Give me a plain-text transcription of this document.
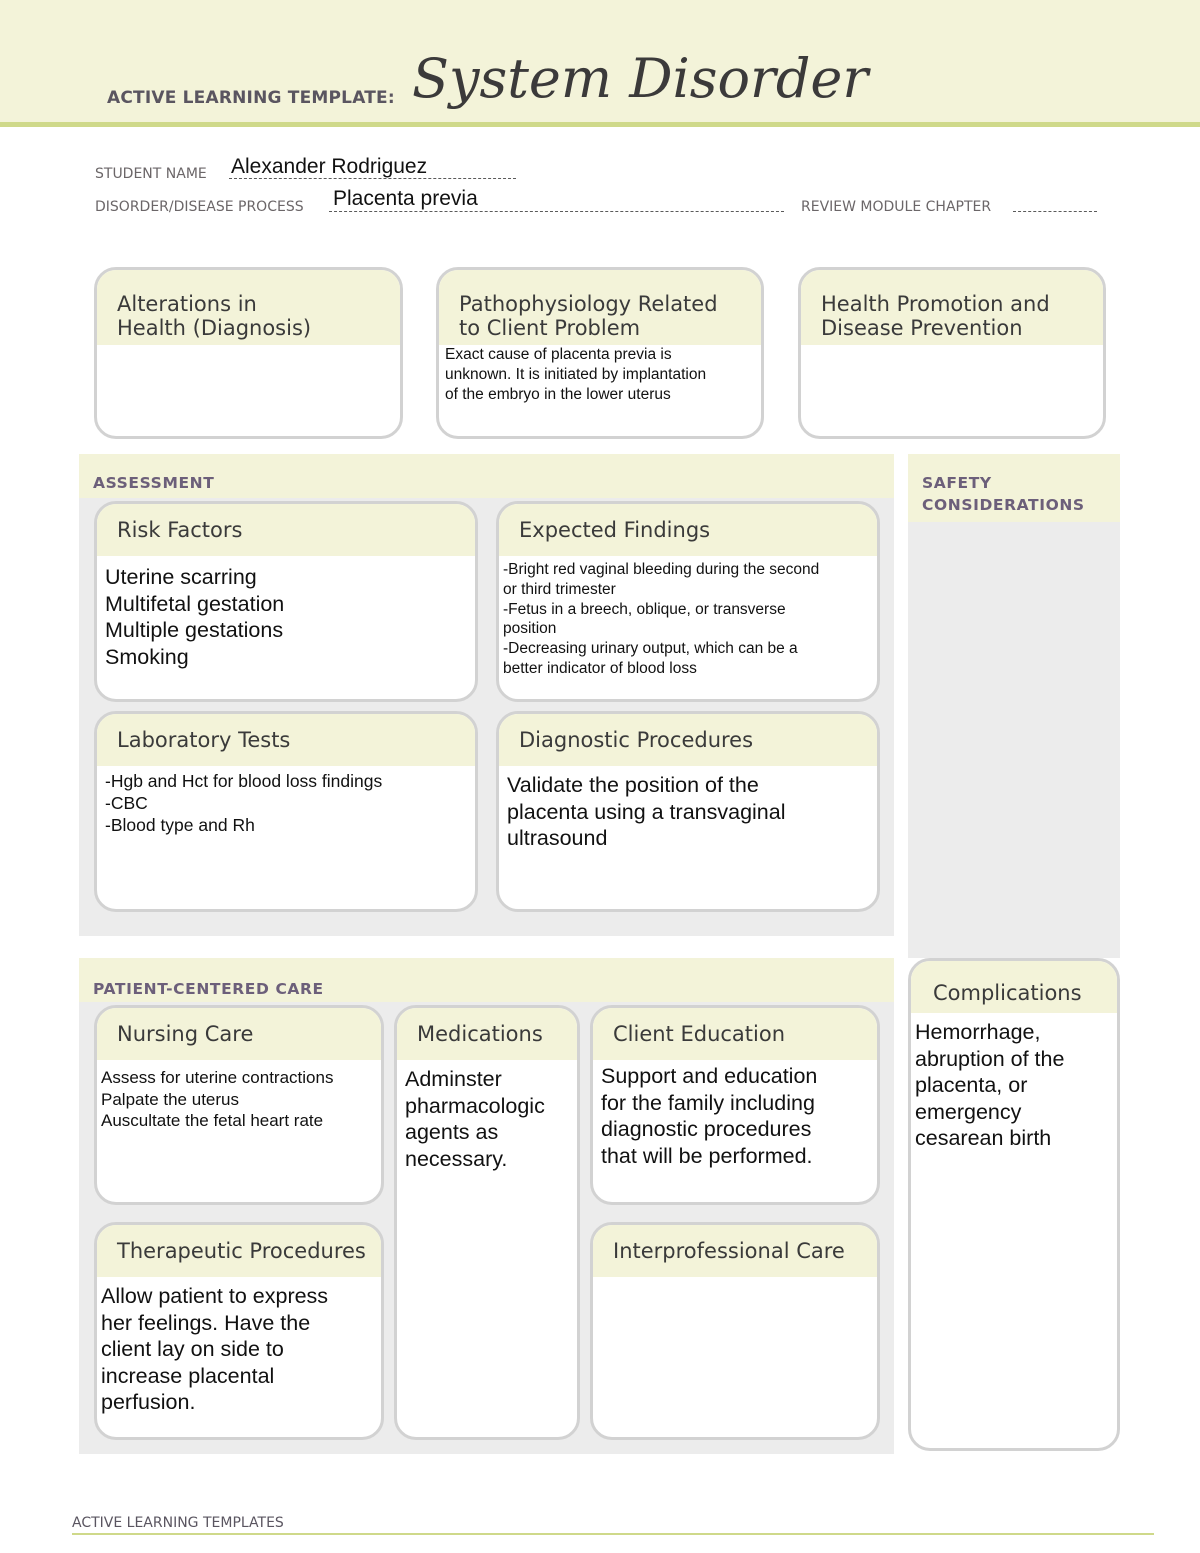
ACTIVE LEARNING TEMPLATE: System Disorder
STUDENT NAME Alexander Rodriguez
DISORDER/DISEASE PROCESS Placenta previa	REVIEW MODULE CHAPTER
Alterations in
Health (Diagnosis)
Pathophysiology Related
to Client Problem
Exact cause of placenta previa is
unknown. It is initiated by implantation
of the embryo in the lower uterus
Health Promotion and
Disease Prevention
ASSESSMENT
Risk Factors
Uterine scarring
Multifetal gestation
Multiple gestations
Smoking
Expected Findings
-Bright red vaginal bleeding during the second
or third trimester
-Fetus in a breech, oblique, or transverse
position
-Decreasing urinary output, which can be a
better indicator of blood loss
Laboratory Tests
-Hgb and Hct for blood loss findings
-CBC
-Blood type and Rh
Diagnostic Procedures
Validate the position of the
placenta using a transvaginal
ultrasound
SAFETY
CONSIDERATIONS
Complications
Hemorrhage,
abruption of the
placenta, or
emergency
cesarean birth
PATIENT-CENTERED CARE
Nursing Care
Assess for uterine contractions
Palpate the uterus
Auscultate the fetal heart rate
Medications
Adminster
pharmacologic
agents as
necessary.
Client Education
Support and education
for the family including
diagnostic procedures
that will be performed.
Therapeutic Procedures
Allow patient to express
her feelings. Have the
client lay on side to
increase placental
perfusion.
Interprofessional Care
ACTIVE LEARNING TEMPLATES
